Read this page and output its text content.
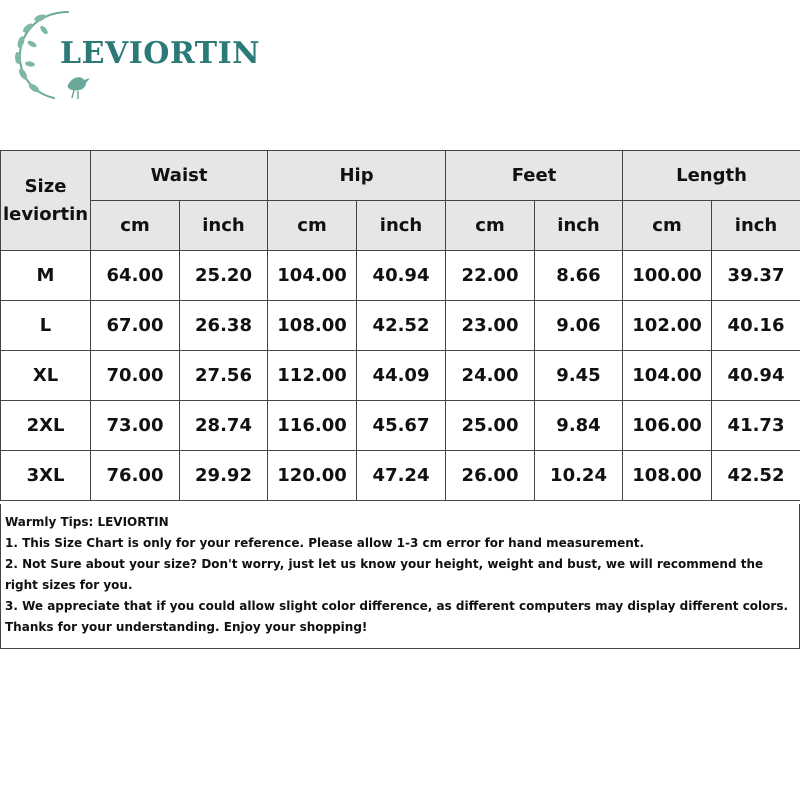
LEVIORTIN
Size
leviortin	Waist		Hip		Feet		Length	
	cm	inch	cm	inch	cm	inch	cm	inch
M	64.00	25.20	104.00	40.94	22.00	8.66	100.00	39.37
L	67.00	26.38	108.00	42.52	23.00	9.06	102.00	40.16
XL	70.00	27.56	112.00	44.09	24.00	9.45	104.00	40.94
2XL	73.00	28.74	116.00	45.67	25.00	9.84	106.00	41.73
3XL	76.00	29.92	120.00	47.24	26.00	10.24	108.00	42.52

Warmly Tips: LEVIORTIN

1. This Size Chart is only for your reference. Please allow 1-3 cm error for hand measurement.

2. Not Sure about your size? Don't worry, just let us know your height, weight and bust, we will recommend the right sizes for you.

3. We appreciate that if you could allow slight color difference, as different computers may display different colors.

Thanks for your understanding. Enjoy your shopping!
